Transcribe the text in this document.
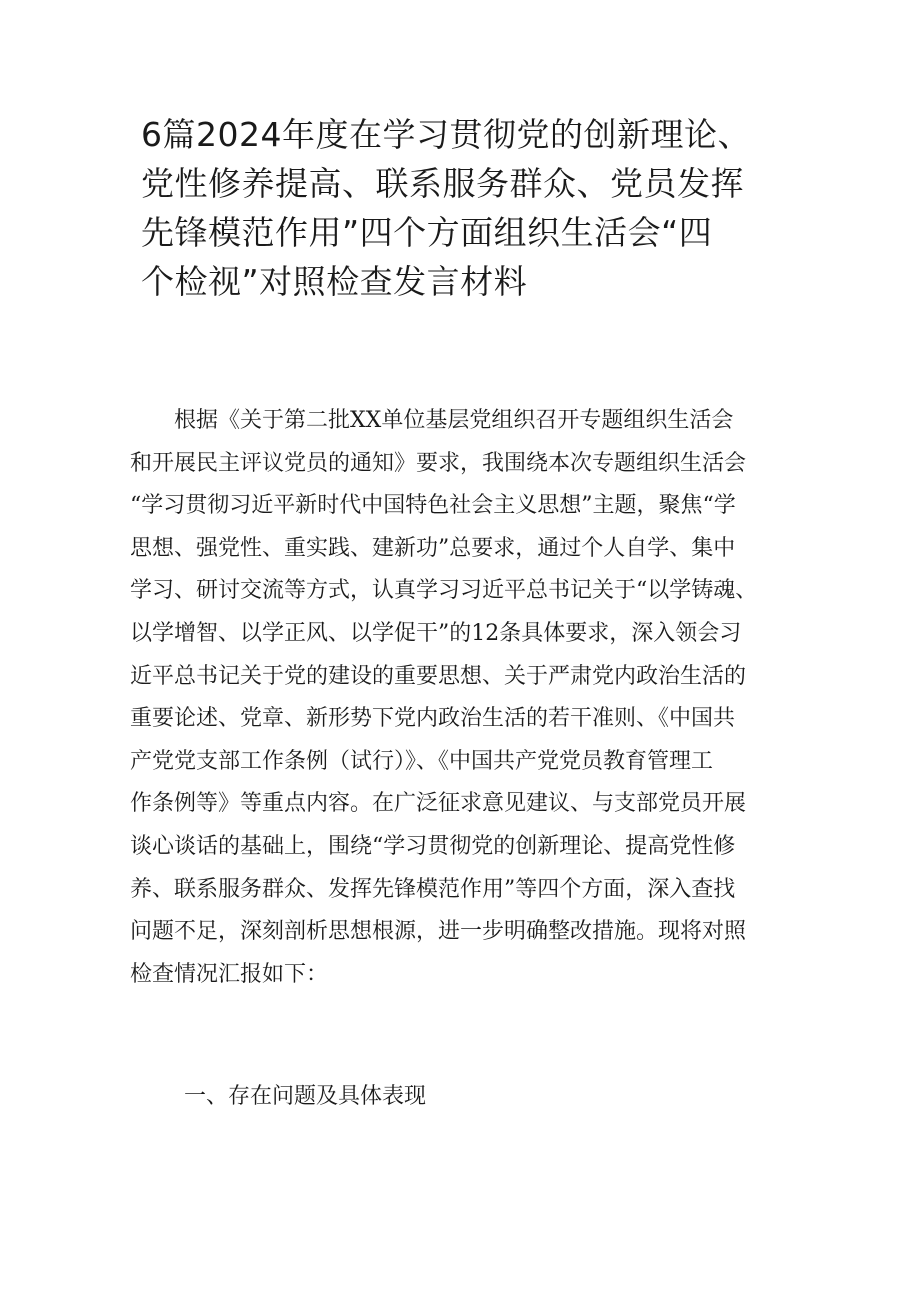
6篇2024年度在学习贯彻党的创新理论、
党性修养提高、联系服务群众、党员发挥
先锋模范作用”四个方面组织生活会“四
个检视”对照检查发言材料
　　根据《关于第二批XX单位基层党组织召开专题组织生活会
和开展民主评议党员的通知》要求，我围绕本次专题组织生活会
“学习贯彻习近平新时代中国特色社会主义思想”主题，聚焦“学
思想、强党性、重实践、建新功”总要求，通过个人自学、集中
学习、研讨交流等方式，认真学习习近平总书记关于“以学铸魂、
以学增智、以学正风、以学促干”的12条具体要求，深入领会习
近平总书记关于党的建设的重要思想、关于严肃党内政治生活的
重要论述、党章、新形势下党内政治生活的若干准则、《中国共
产党党支部工作条例（试行）》、《中国共产党党员教育管理工
作条例等》等重点内容。在广泛征求意见建议、与支部党员开展
谈心谈话的基础上，围绕“学习贯彻党的创新理论、提高党性修
养、联系服务群众、发挥先锋模范作用”等四个方面，深入查找
问题不足，深刻剖析思想根源，进一步明确整改措施。现将对照
检查情况汇报如下：
一、存在问题及具体表现
